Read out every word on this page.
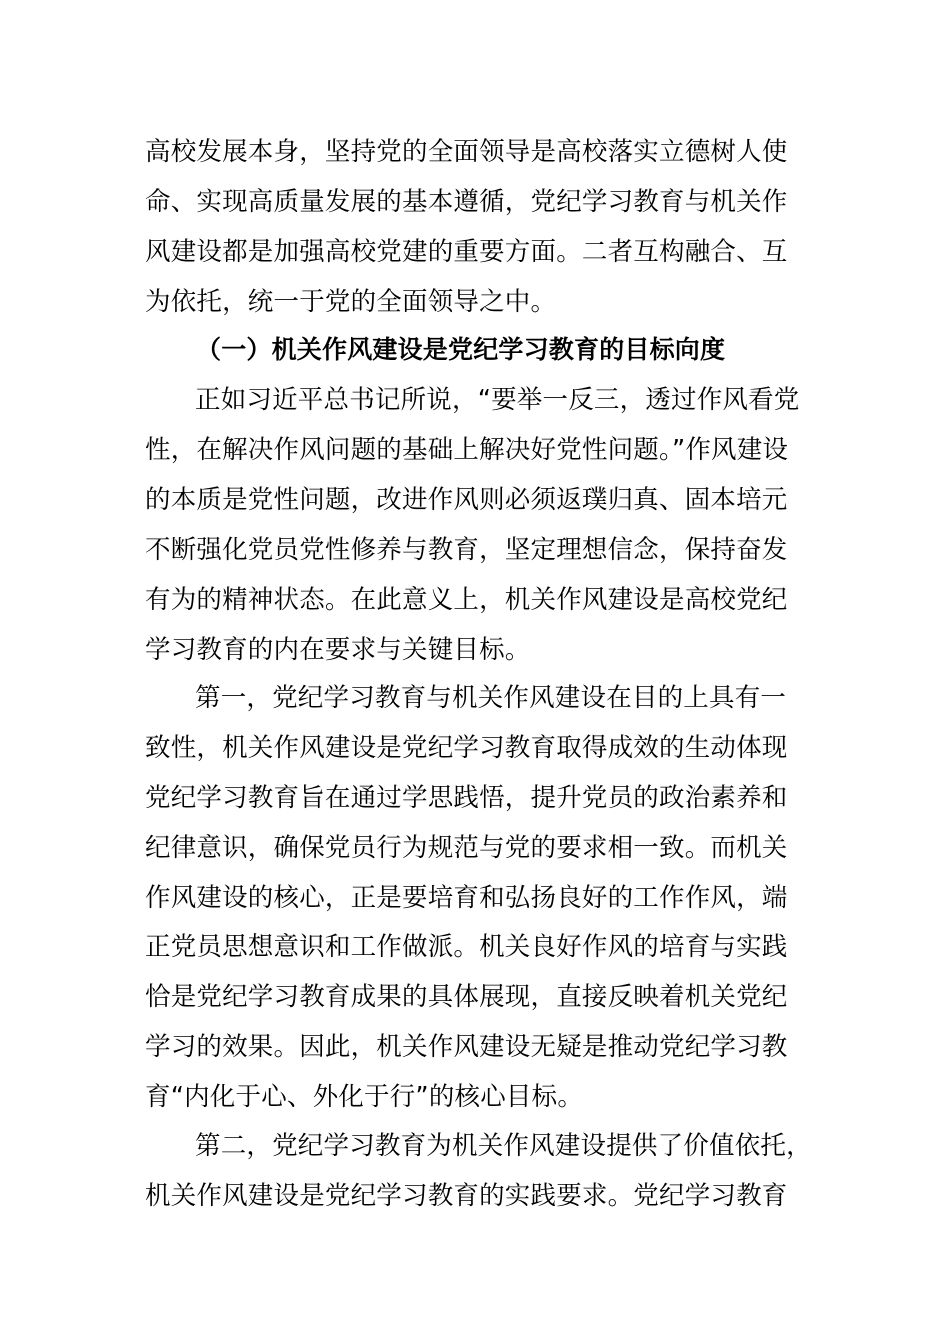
高校发展本身，坚持党的全面领导是高校落实立德树人使
命、实现高质量发展的基本遵循，党纪学习教育与机关作
风建设都是加强高校党建的重要方面。二者互构融合、互
为依托，统一于党的全面领导之中。
（一）机关作风建设是党纪学习教育的目标向度
正如习近平总书记所说，“要举一反三，透过作风看党
性，在解决作风问题的基础上解决好党性问题。”作风建设
的本质是党性问题，改进作风则必须返璞归真、固本培元
不断强化党员党性修养与教育，坚定理想信念，保持奋发
有为的精神状态。在此意义上，机关作风建设是高校党纪
学习教育的内在要求与关键目标。
第一，党纪学习教育与机关作风建设在目的上具有一
致性，机关作风建设是党纪学习教育取得成效的生动体现
党纪学习教育旨在通过学思践悟，提升党员的政治素养和
纪律意识，确保党员行为规范与党的要求相一致。而机关
作风建设的核心，正是要培育和弘扬良好的工作作风，端
正党员思想意识和工作做派。机关良好作风的培育与实践
恰是党纪学习教育成果的具体展现，直接反映着机关党纪
学习的效果。因此，机关作风建设无疑是推动党纪学习教
育“内化于心、外化于行”的核心目标。
第二，党纪学习教育为机关作风建设提供了价值依托，
机关作风建设是党纪学习教育的实践要求。党纪学习教育
